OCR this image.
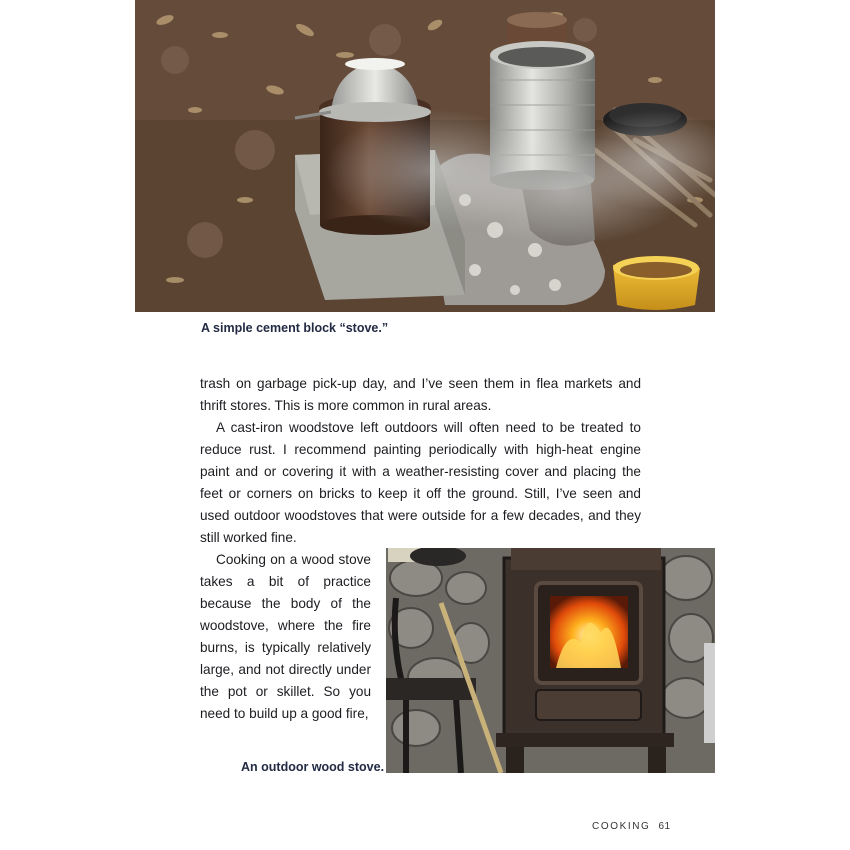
A simple cement block “stove.”
trash on garbage pick-up day, and I’ve seen them in flea markets and thrift stores. This is more common in rural areas.
A cast-iron woodstove left outdoors will often need to be treated to reduce rust. I recommend painting periodically with high-heat engine paint and or covering it with a weather-resisting cover and placing the feet or corners on bricks to keep it off the ground. Still, I’ve seen and used outdoor woodstoves that were outside for a few decades, and they still worked fine.
Cooking on a wood stove takes a bit of practice because the body of the woodstove, where the fire burns, is typically relatively large, and not directly under the pot or skillet. So you need to build up a good fire,
An outdoor wood stove.
COOKING 61
